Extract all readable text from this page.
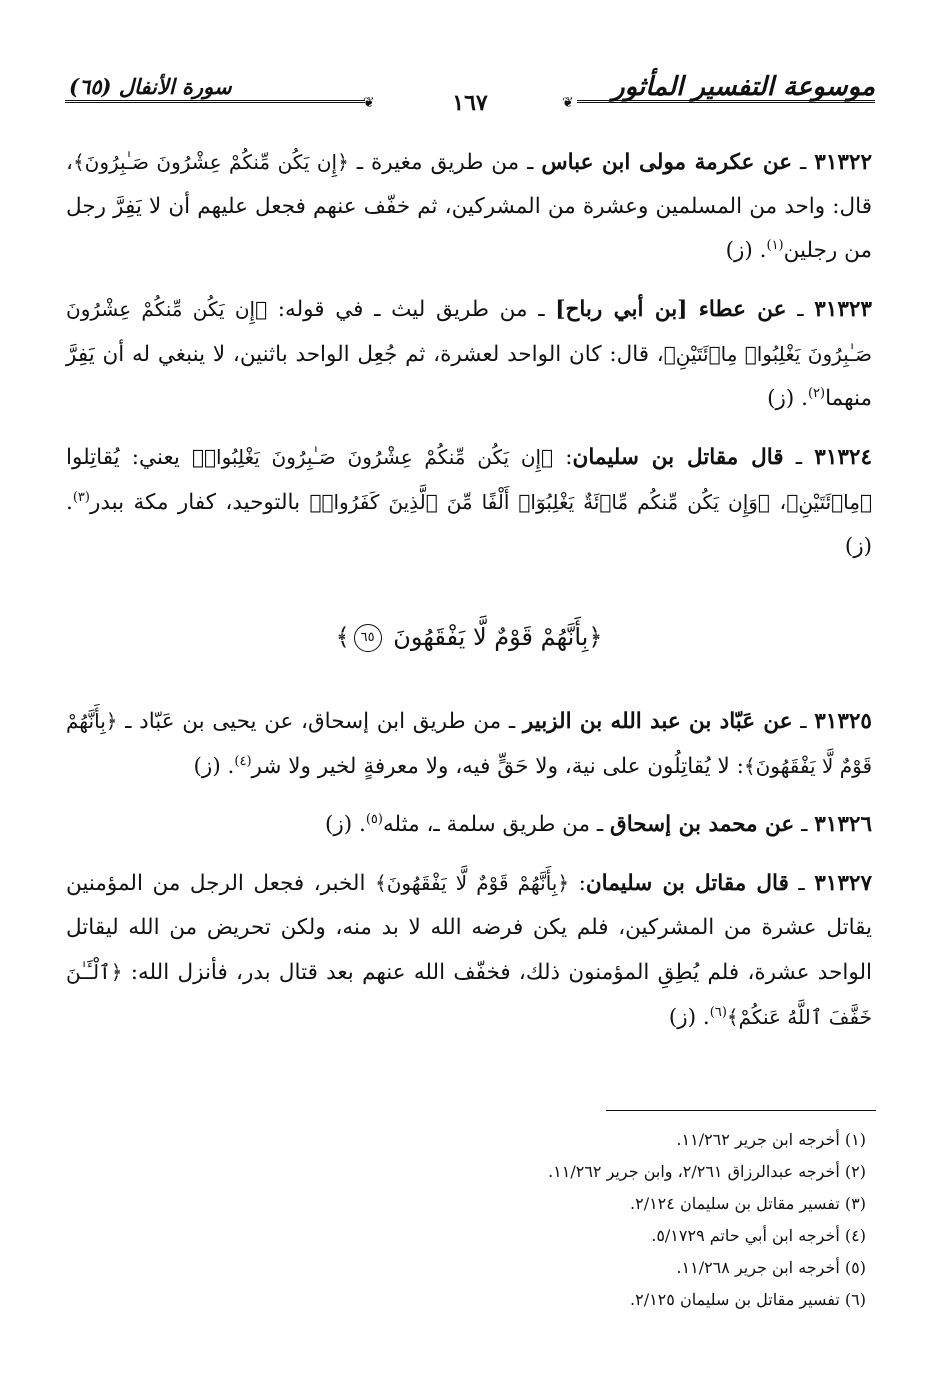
موسوعة التفسير المأثور
سورة الأنفال (٦٥)
❦	١٦٧	❦

٣١٣٢٢ ـ عن عكرمة مولى ابن عباس ـ من طريق مغيرة ـ ﴿إِن يَكُن مِّنكُمْ عِشْرُونَ صَـٰبِرُونَ﴾، قال: واحد من المسلمين وعشرة من المشركين، ثم خفّف عنهم فجعل عليهم أن لا يَفِرَّ رجل من رجلين$^{(١)}$. (ز)

٣١٣٢٣ ـ عن عطاء [بن أبي رباح] ـ من طريق ليث ـ في قوله: ﴿إِن يَكُن مِّنكُمْ عِشْرُونَ صَـٰبِرُونَ يَغْلِبُوا۟ مِا۟ئَتَيْنِ﴾، قال: كان الواحد لعشرة، ثم جُعِل الواحد باثنين، لا ينبغي له أن يَفِرَّ منهما$^{(٢)}$. (ز)

٣١٣٢٤ ـ قال مقاتل بن سليمان: ﴿إِن يَكُن مِّنكُمْ عِشْرُونَ صَـٰبِرُونَ يَغْلِبُوا۟﴾ يعني: يُقاتِلوا ﴿مِا۟ئَتَيْنِ﴾، ﴿وَإِن يَكُن مِّنكُم مِّا۟ئَةٌ يَغْلِبُوٓا۟ أَلْفًا مِّنَ ٱلَّذِينَ كَفَرُوا۟﴾ بالتوحيد، كفار مكة ببدر$^{(٣)}$. (ز)

﴿بِأَنَّهُمْ قَوْمٌ لَّا يَفْقَهُونَ ٦٥﴾

٣١٣٢٥ ـ عن عَبّاد بن عبد الله بن الزبير ـ من طريق ابن إسحاق، عن يحيى بن عَبّاد ـ ﴿بِأَنَّهُمْ قَوْمٌ لَّا يَفْقَهُونَ﴾: لا يُقاتِلُون على نية، ولا حَقٍّ فيه، ولا معرفةٍ لخير ولا شر$^{(٤)}$. (ز)

٣١٣٢٦ ـ عن محمد بن إسحاق ـ من طريق سلمة ـ، مثله$^{(٥)}$. (ز)

٣١٣٢٧ ـ قال مقاتل بن سليمان: ﴿بِأَنَّهُمْ قَوْمٌ لَّا يَفْقَهُونَ﴾ الخبر، فجعل الرجل من المؤمنين يقاتل عشرة من المشركين، فلم يكن فرضه الله لا بد منه، ولكن تحريض من الله ليقاتل الواحد عشرة، فلم يُطِقِ المؤمنون ذلك، فخفّف الله عنهم بعد قتال بدر، فأنزل الله: ﴿ٱلْـَٔـٰنَ خَفَّفَ ٱللَّهُ عَنكُمْ﴾$^{(٦)}$. (ز)

(١) أخرجه ابن جرير ١١/٢٦٢.

(٢) أخرجه عبدالرزاق ٢/٢٦١، وابن جرير ١١/٢٦٢.

(٣) تفسير مقاتل بن سليمان ٢/١٢٤.

(٤) أخرجه ابن أبي حاتم ٥/١٧٢٩.

(٥) أخرجه ابن جرير ١١/٢٦٨.

(٦) تفسير مقاتل بن سليمان ٢/١٢٥.
